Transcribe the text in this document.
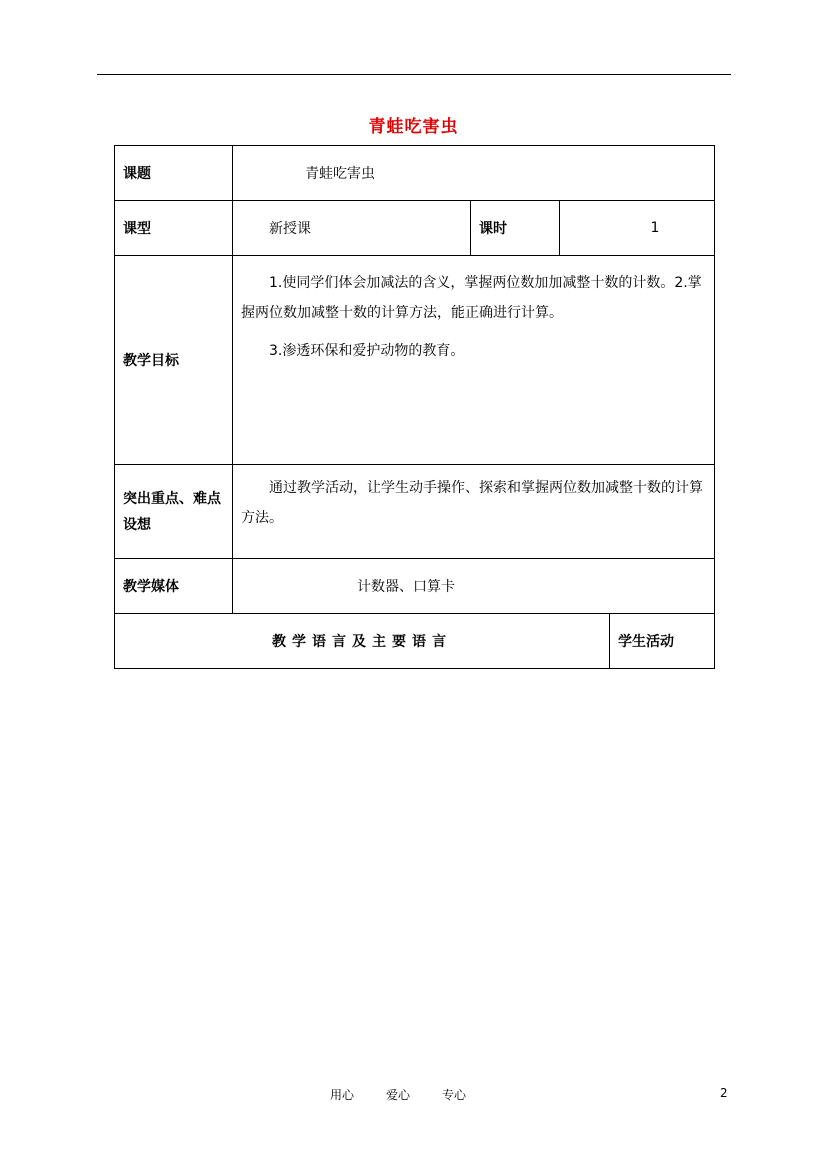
青蛙吃害虫
课题	青蛙吃害虫			
课型	新授课	课时	1	
教学目标	1.使同学们体会加减法的含义，掌握两位数加加减整十数的计数。2.掌握两位数加减整十数的计算方法，能正确进行计算。

3.渗透环保和爱护动物的教育。			

突出重点、难点设想	通过教学活动，让学生动手操作、探索和掌握两位数加减整十数的计算方法。			
教学媒体	计数器、口算卡			
教学语言及主要语言				学生活动
用心	爱心	专心	2
